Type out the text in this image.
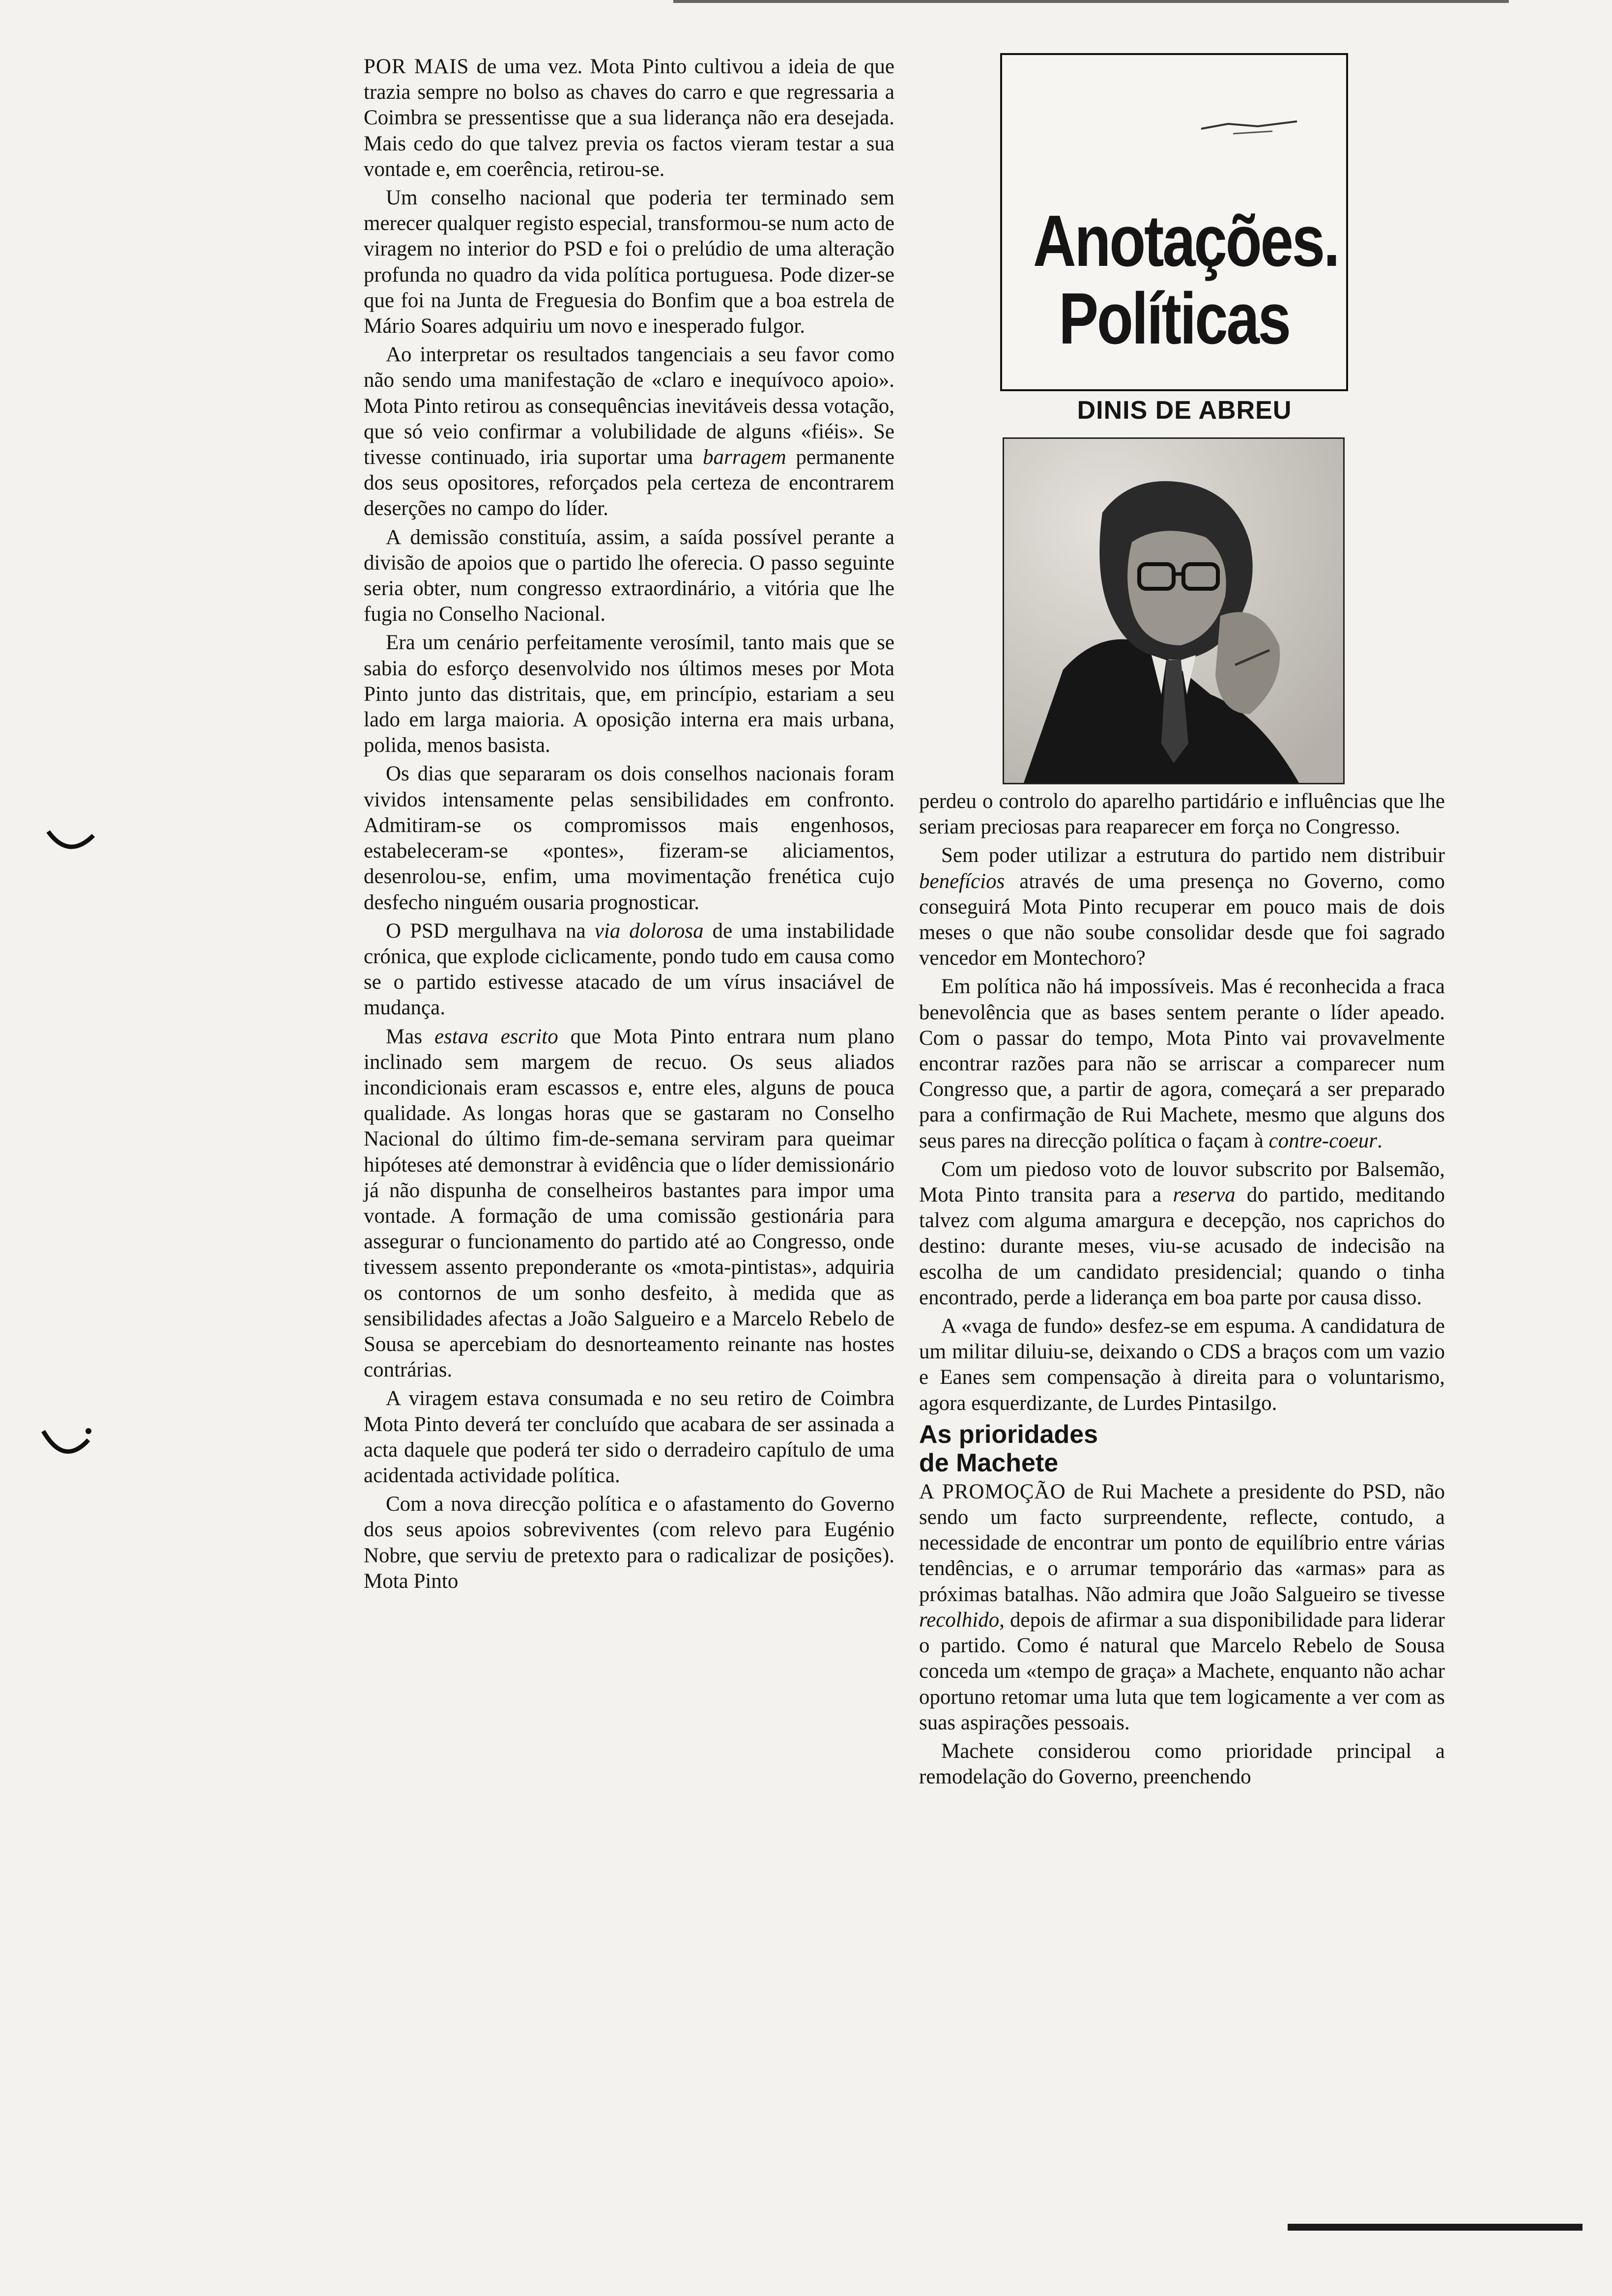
Anotações.
Políticas
DINIS DE ABREU

POR MAIS de uma vez. Mota Pinto cultivou a ideia de que trazia sempre no bolso as chaves do carro e que regressaria a Coimbra se pressentisse que a sua liderança não era desejada. Mais cedo do que talvez previa os factos vieram testar a sua vontade e, em coerência, retirou-se.

Um conselho nacional que poderia ter terminado sem merecer qualquer registo especial, transformou-se num acto de viragem no interior do PSD e foi o prelúdio de uma alteração profunda no quadro da vida política portuguesa. Pode dizer-se que foi na Junta de Freguesia do Bonfim que a boa estrela de Mário Soares adquiriu um novo e inesperado fulgor.

Ao interpretar os resultados tangenciais a seu favor como não sendo uma manifestação de «claro e inequívoco apoio». Mota Pinto retirou as consequências inevitáveis dessa votação, que só veio confirmar a volubilidade de alguns «fiéis». Se tivesse continuado, iria suportar uma barragem permanente dos seus opositores, reforçados pela certeza de encontrarem deserções no campo do líder.

A demissão constituía, assim, a saída possível perante a divisão de apoios que o partido lhe oferecia. O passo seguinte seria obter, num congresso extraordinário, a vitória que lhe fugia no Conselho Nacional.

Era um cenário perfeitamente verosímil, tanto mais que se sabia do esforço desenvolvido nos últimos meses por Mota Pinto junto das distritais, que, em princípio, estariam a seu lado em larga maioria. A oposição interna era mais urbana, polida, menos basista.

Os dias que separaram os dois conselhos nacionais foram vividos intensamente pelas sensibilidades em confronto. Admitiram-se os compromissos mais engenhosos, estabeleceram-se «pontes», fizeram-se aliciamentos, desenrolou-se, enfim, uma movimentação frenética cujo desfecho ninguém ousaria prognosticar.

O PSD mergulhava na via dolorosa de uma instabilidade crónica, que explode ciclicamente, pondo tudo em causa como se o partido estivesse atacado de um vírus insaciável de mudança.

Mas estava escrito que Mota Pinto entrara num plano inclinado sem margem de recuo. Os seus aliados incondicionais eram escassos e, entre eles, alguns de pouca qualidade. As longas horas que se gastaram no Conselho Nacional do último fim-de-semana serviram para queimar hipóteses até demonstrar à evidência que o líder demissionário já não dispunha de conselheiros bastantes para impor uma vontade. A formação de uma comissão gestionária para assegurar o funcionamento do partido até ao Congresso, onde tivessem assento preponderante os «mota-pintistas», adquiria os contornos de um sonho desfeito, à medida que as sensibilidades afectas a João Salgueiro e a Marcelo Rebelo de Sousa se apercebiam do desnorteamento reinante nas hostes contrárias.

A viragem estava consumada e no seu retiro de Coimbra Mota Pinto deverá ter concluído que acabara de ser assinada a acta daquele que poderá ter sido o derradeiro capítulo de uma acidentada actividade política.

Com a nova direcção política e o afastamento do Governo dos seus apoios sobreviventes (com relevo para Eugénio Nobre, que serviu de pretexto para o radicalizar de posições). Mota Pinto

perdeu o controlo do aparelho partidário e influências que lhe seriam preciosas para reaparecer em força no Congresso.

Sem poder utilizar a estrutura do partido nem distribuir benefícios através de uma presença no Governo, como conseguirá Mota Pinto recuperar em pouco mais de dois meses o que não soube consolidar desde que foi sagrado vencedor em Montechoro?

Em política não há impossíveis. Mas é reconhecida a fraca benevolência que as bases sentem perante o líder apeado. Com o passar do tempo, Mota Pinto vai provavelmente encontrar razões para não se arriscar a comparecer num Congresso que, a partir de agora, começará a ser preparado para a confirmação de Rui Machete, mesmo que alguns dos seus pares na direcção política o façam à contre-coeur.

Com um piedoso voto de louvor subscrito por Balsemão, Mota Pinto transita para a reserva do partido, meditando talvez com alguma amargura e decepção, nos caprichos do destino: durante meses, viu-se acusado de indecisão na escolha de um candidato presidencial; quando o tinha encontrado, perde a liderança em boa parte por causa disso.

A «vaga de fundo» desfez-se em espuma. A candidatura de um militar diluiu-se, deixando o CDS a braços com um vazio e Eanes sem compensação à direita para o voluntarismo, agora esquerdizante, de Lurdes Pintasilgo.

As prioridades
de Machete

A PROMOÇÃO de Rui Machete a presidente do PSD, não sendo um facto surpreendente, reflecte, contudo, a necessidade de encontrar um ponto de equilíbrio entre várias tendências, e o arrumar temporário das «armas» para as próximas batalhas. Não admira que João Salgueiro se tivesse recolhido, depois de afirmar a sua disponibilidade para liderar o partido. Como é natural que Marcelo Rebelo de Sousa conceda um «tempo de graça» a Machete, enquanto não achar oportuno retomar uma luta que tem logicamente a ver com as suas aspirações pessoais.

Machete considerou como prioridade principal a remodelação do Governo, preenchendo
